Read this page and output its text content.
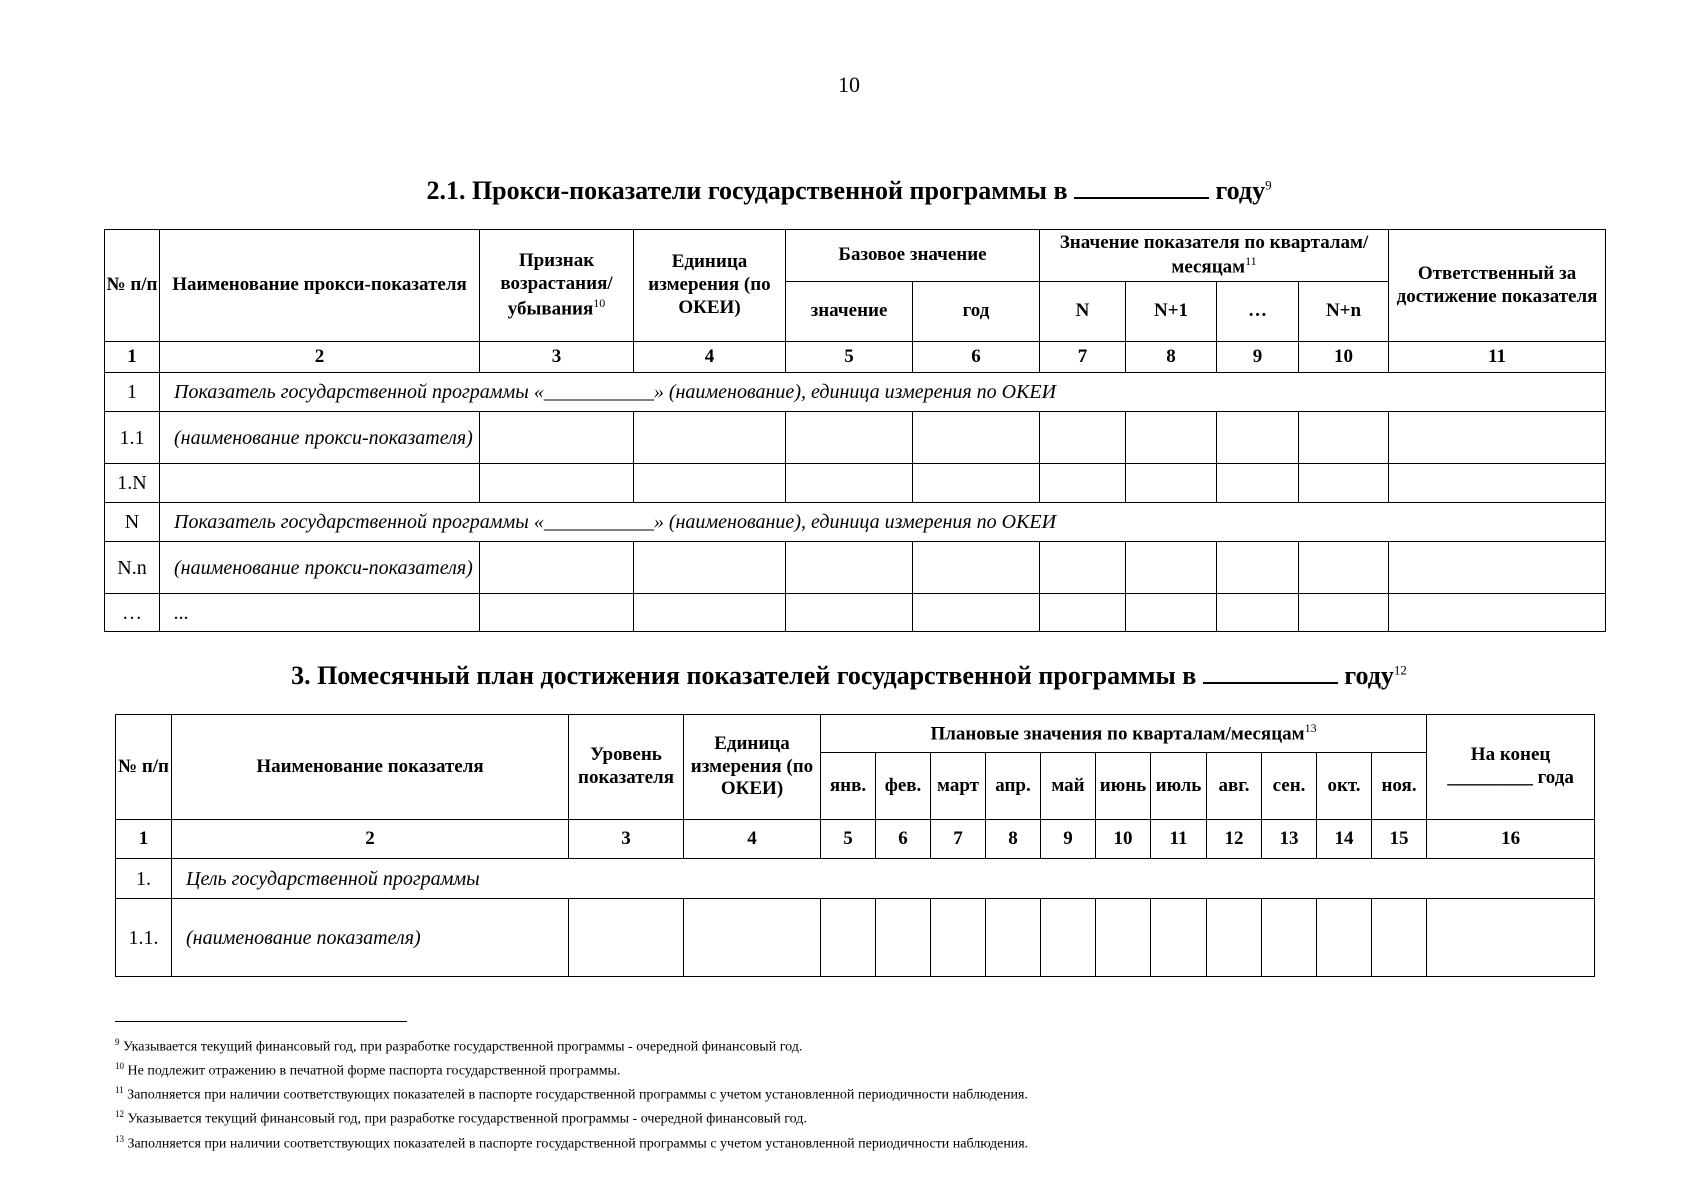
10
2.1. Прокси-показатели государственной программы в	году$^9$
№ п/п	Наименование прокси-показателя	Признак возрастания/ убывания$^{10}$	Единица измерения (по ОКЕИ)	Базовое значение		Значение показателя по кварталам/месяцам$^{11}$				Ответственный за достижение показателя
				значение	год	N	N+1	…	N+n	
1	2	3	4	5	6	7	8	9	10	11
1	Показатель государственной программы «___________» (наименование), единица измерения по ОКЕИ									
1.1	(наименование прокси-показателя)									
1.N										
N	Показатель государственной программы «___________» (наименование), единица измерения по ОКЕИ									
N.n	(наименование прокси-показателя)									
…	...									
3. Помесячный план достижения показателей государственной программы в	году$^{12}$
№ п/п	Наименование показателя	Уровень показателя	Единица измерения (по ОКЕИ)	Плановые значения по кварталам/месяцам$^{13}$											На конец
_________ года

				янв.	фев.	март	апр.	май	июнь	июль	авг.	сен.	окт.	ноя.	
1	2	3	4	5	6	7	8	9	10	11	12	13	14	15	16
1.	Цель государственной программы														
1.1.	(наименование показателя)														
$^9$ Указывается текущий финансовый год, при разработке государственной программы - очередной финансовый год.
$^{10}$ Не подлежит отражению в печатной форме паспорта государственной программы.
$^{11}$ Заполняется при наличии соответствующих показателей в паспорте государственной программы с учетом установленной периодичности наблюдения.
$^{12}$ Указывается текущий финансовый год, при разработке государственной программы - очередной финансовый год.
$^{13}$ Заполняется при наличии соответствующих показателей в паспорте государственной программы с учетом установленной периодичности наблюдения.
